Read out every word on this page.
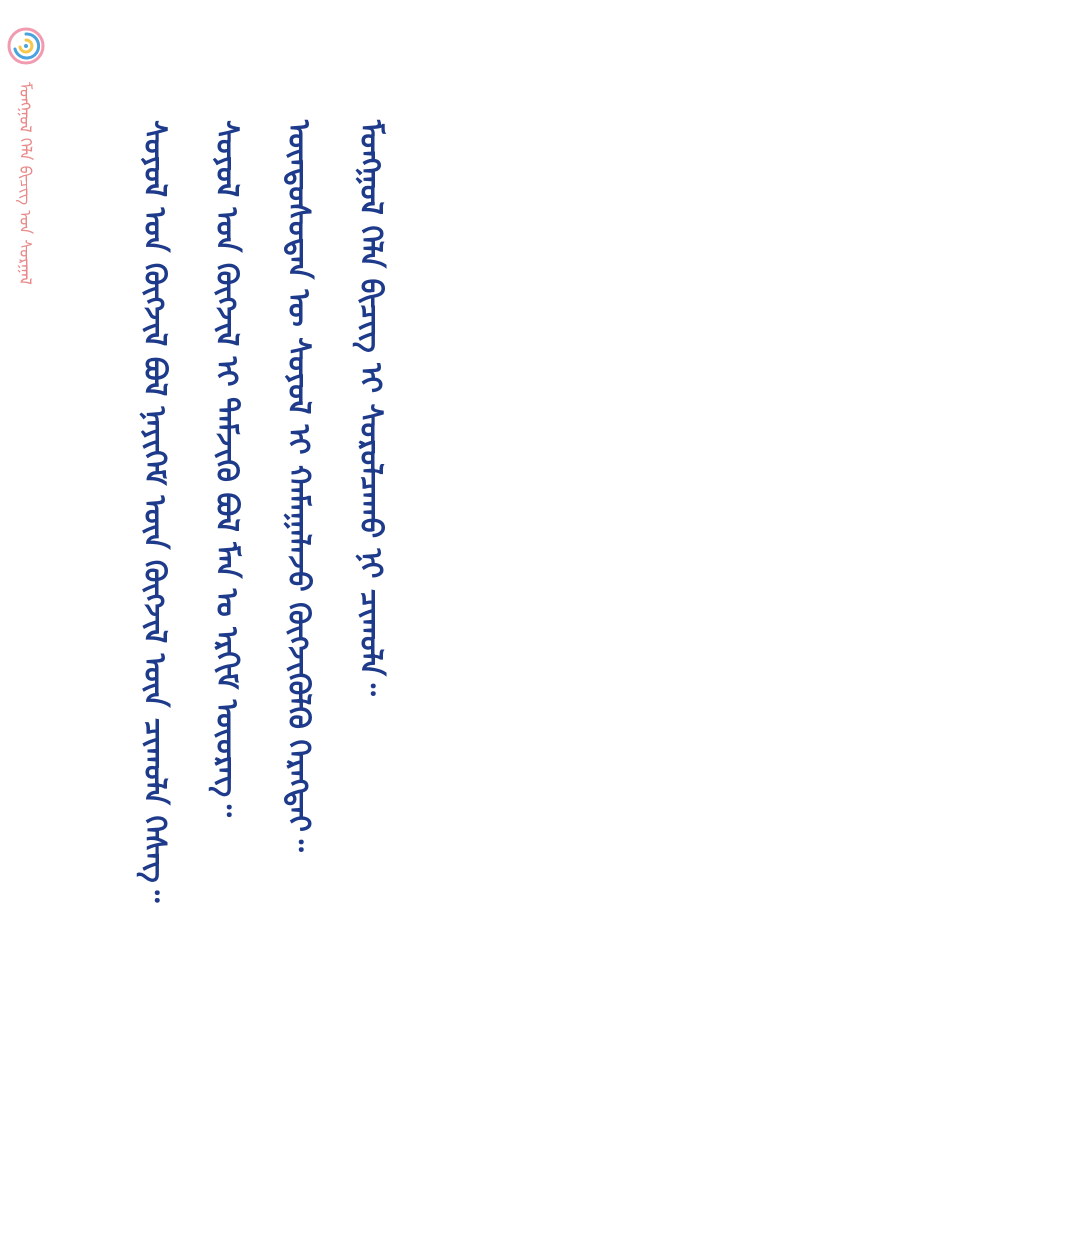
ᠮᠣᠩᠭᠣᠯ ᠬᠡᠯᠡ ᠪᠢᠴᠢᠭ ᠤᠨ ᠰᠤᠷᠭᠠᠯ	ᠰᠣᠶᠣᠯ ᠤᠨ ᠬᠥᠭᠵᠢᠯ ᠪᠣᠯ ᠨᠡᠶᠢᠭᠡᠮ ᠦᠨ ᠬᠥᠭᠵᠢᠯ ᠦᠨ ᠴᠢᠬᠤᠯᠠ ᠬᠡᠰᠡᠭ᠃	ᠰᠣᠶᠣᠯ ᠤᠨ ᠬᠥᠭᠵᠢᠯ ᠢ ᠳᠡᠮᠵᠢᠬᠦ ᠪᠣᠯ ᠮᠠᠨ ᠤ ᠡᠷᠬᠢᠮ ᠦᠦᠷᠡᠭ᠃	ᠦᠨᠳᠦᠰᠦᠲᠡᠨ ᠦ ᠰᠣᠶᠣᠯ ᠢ ᠬᠠᠮᠠᠭᠠᠯᠠᠵᠤ ᠬᠥᠭᠵᠢᠭᠦᠯᠬᠦ ᠬᠡᠷᠡᠭᠲᠡᠢ᠃	ᠮᠣᠩᠭᠣᠯ ᠬᠡᠯᠡ ᠪᠢᠴᠢᠭ ᠢ ᠰᠤᠷᠤᠯᠴᠠᠬᠤ ᠨᠢ ᠴᠢᠬᠤᠯᠠ᠃
